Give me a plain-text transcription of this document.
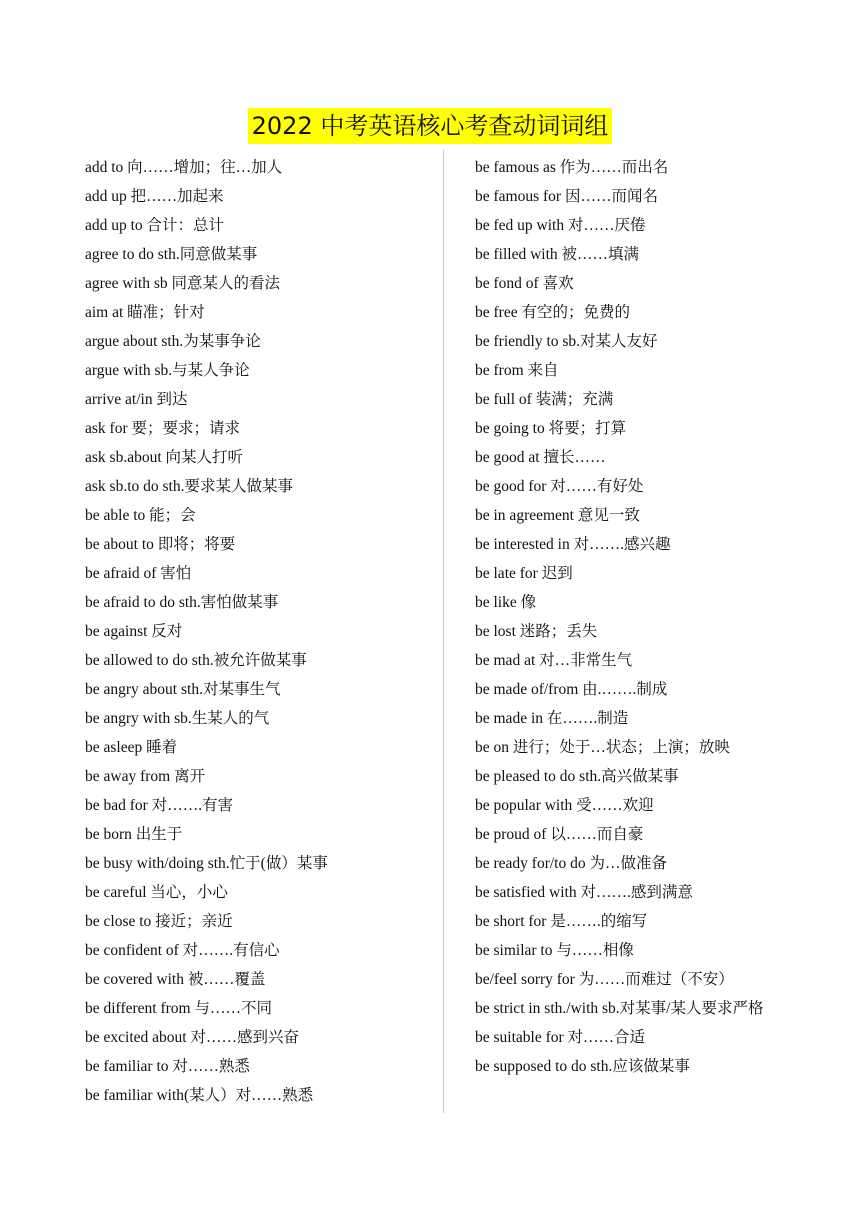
2022 中考英语核心考查动词词组
add to 向……增加；往…加人
add up 把……加起来
add up to 合计：总计
agree to do sth.同意做某事
agree with sb 同意某人的看法
aim at 瞄准；针对
argue about sth.为某事争论
argue with sb.与某人争论
arrive at/in 到达
ask for 要；要求；请求
ask sb.about 向某人打听
ask sb.to do sth.要求某人做某事
be able to 能；会
be about to 即将；将要
be afraid of 害怕
be afraid to do sth.害怕做某事
be against 反对
be allowed to do sth.被允许做某事
be angry about sth.对某事生气
be angry with sb.生某人的气
be asleep 睡着
be away from 离开
be bad for 对…….有害
be born 出生于
be busy with/doing sth.忙于(做）某事
be careful 当心，小心
be close to 接近；亲近
be confident of 对…….有信心
be covered with 被……覆盖
be different from 与……不同
be excited about 对……感到兴奋
be familiar to 对……熟悉
be familiar with(某人）对……熟悉
be famous as 作为……而出名
be famous for 因……而闻名
be fed up with 对……厌倦
be filled with 被……填满
be fond of 喜欢
be free 有空的；免费的
be friendly to sb.对某人友好
be from 来自
be full of 装满；充满
be going to 将要；打算
be good at 擅长……
be good for 对……有好处
be in agreement 意见一致
be interested in 对…….感兴趣
be late for 迟到
be like 像
be lost 迷路；丢失
be mad at 对…非常生气
be made of/from 由.…….制成
be made in 在…….制造
be on 进行；处于…状态；上演；放映
be pleased to do sth.高兴做某事
be popular with 受……欢迎
be proud of 以……而自豪
be ready for/to do 为…做准备
be satisfied with 对…….感到满意
be short for 是…….的缩写
be similar to 与……相像
be/feel sorry for 为……而难过（不安）
be strict in sth./with sb.对某事/某人要求严格
be suitable for 对……合适
be supposed to do sth.应该做某事
